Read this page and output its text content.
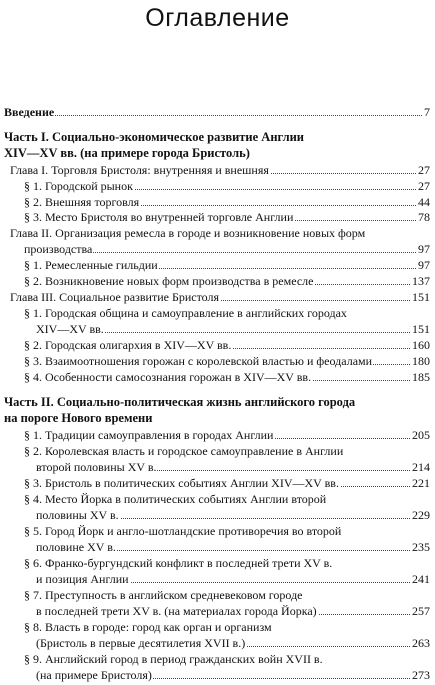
Оглавление
Введение	7
Часть I. Социально-экономическое развитие Англии
XIV—XV вв. (на примере города Бристоль)
Глава I. Торговля Бристоля: внутренняя и внешняя	27
§ 1. Городской рынок	27
§ 2. Внешняя торговля	44
§ 3. Место Бристоля во внутренней торговле Англии	78
Глава II. Организация ремесла в городе и возникновение новых форм
производства	97
§ 1. Ремесленные гильдии	97
§ 2. Возникновение новых форм производства в ремесле	137
Глава III. Социальное развитие Бристоля	151
§ 1. Городская община и самоуправление в английских городах
XIV—XV вв.	151
§ 2. Городская олигархия в XIV—XV вв.	160
§ 3. Взаимоотношения горожан с королевской властью и феодалами	180
§ 4. Особенности самосознания горожан в XIV—XV вв.	185
Часть II. Социально-политическая жизнь английского города
на пороге Нового времени
§ 1. Традиции самоуправления в городах Англии	205
§ 2. Королевская власть и городское самоуправление в Англии
второй половины XV в.	214
§ 3. Бристоль в политических событиях Англии XIV—XV вв.	221
§ 4. Место Йорка в политических событиях Англии второй
половины XV в.	229
§ 5. Город Йорк и англо-шотландские противоречия во второй
половине XV в.	235
§ 6. Франко-бургундский конфликт в последней трети XV в.
и позиция Англии	241
§ 7. Преступность в английском средневековом городе
в последней трети XV в. (на материалах города Йорка)	257
§ 8. Власть в городе: город как орган и организм
(Бристоль в первые десятилетия XVII в.)	263
§ 9. Английский город в период гражданских войн XVII в.
(на примере Бристоля)	273
